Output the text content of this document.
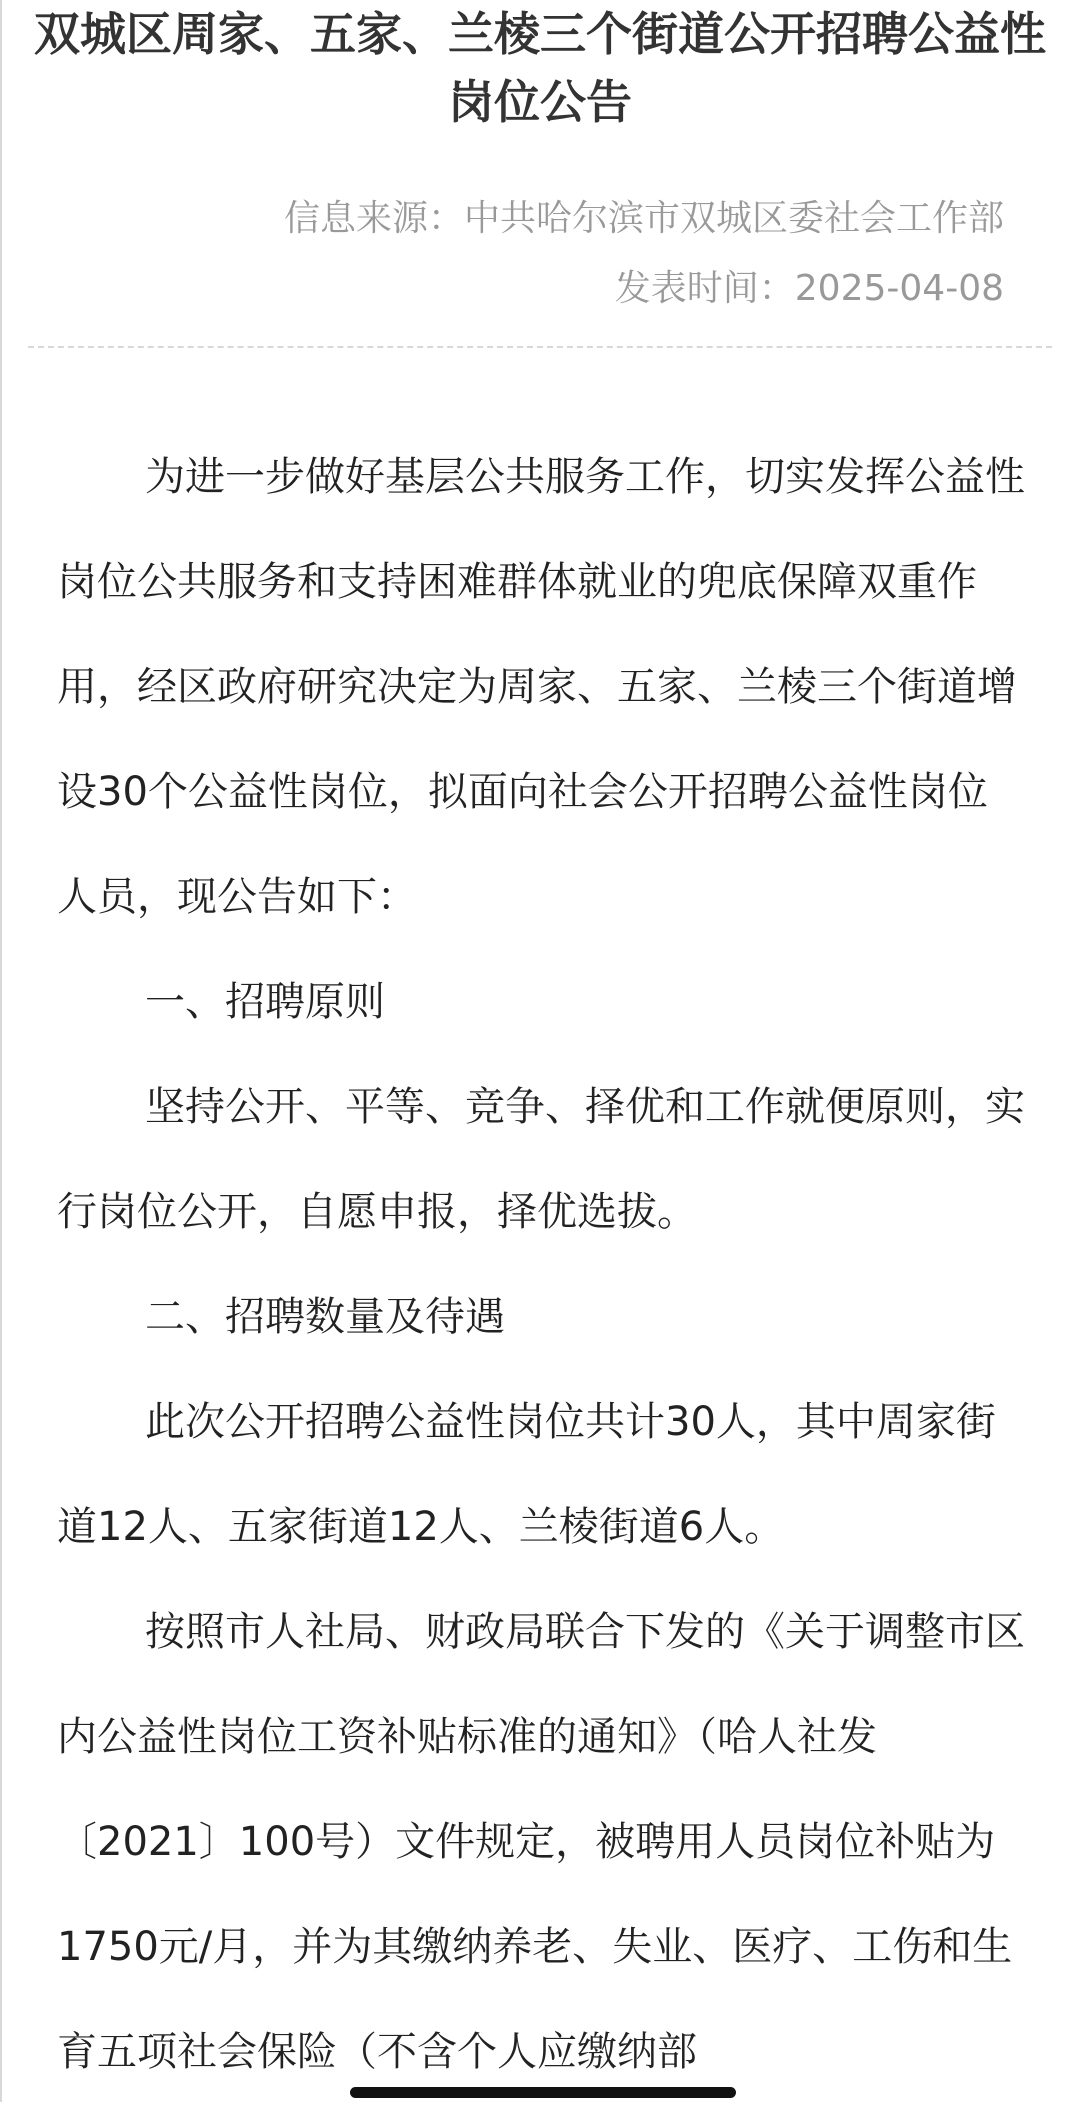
双城区周家、五家、兰棱三个街道公开招聘公益性岗位公告
信息来源：中共哈尔滨市双城区委社会工作部
发表时间：2025-04-08

为进一步做好基层公共服务工作，切实发挥公益性岗位公共服务和支持困难群体就业的兜底保障双重作用，经区政府研究决定为周家、五家、兰棱三个街道增设30个公益性岗位，拟面向社会公开招聘公益性岗位人员，现公告如下：

一、招聘原则

坚持公开、平等、竞争、择优和工作就便原则，实行岗位公开，自愿申报，择优选拔。

二、招聘数量及待遇

此次公开招聘公益性岗位共计30人，其中周家街道12人、五家街道12人、兰棱街道6人。

按照市人社局、财政局联合下发的《关于调整市区内公益性岗位工资补贴标准的通知》（哈人社发〔2021〕100号）文件规定，被聘用人员岗位补贴为1750元/月，并为其缴纳养老、失业、医疗、工伤和生育五项社会保险（不含个人应缴纳部
